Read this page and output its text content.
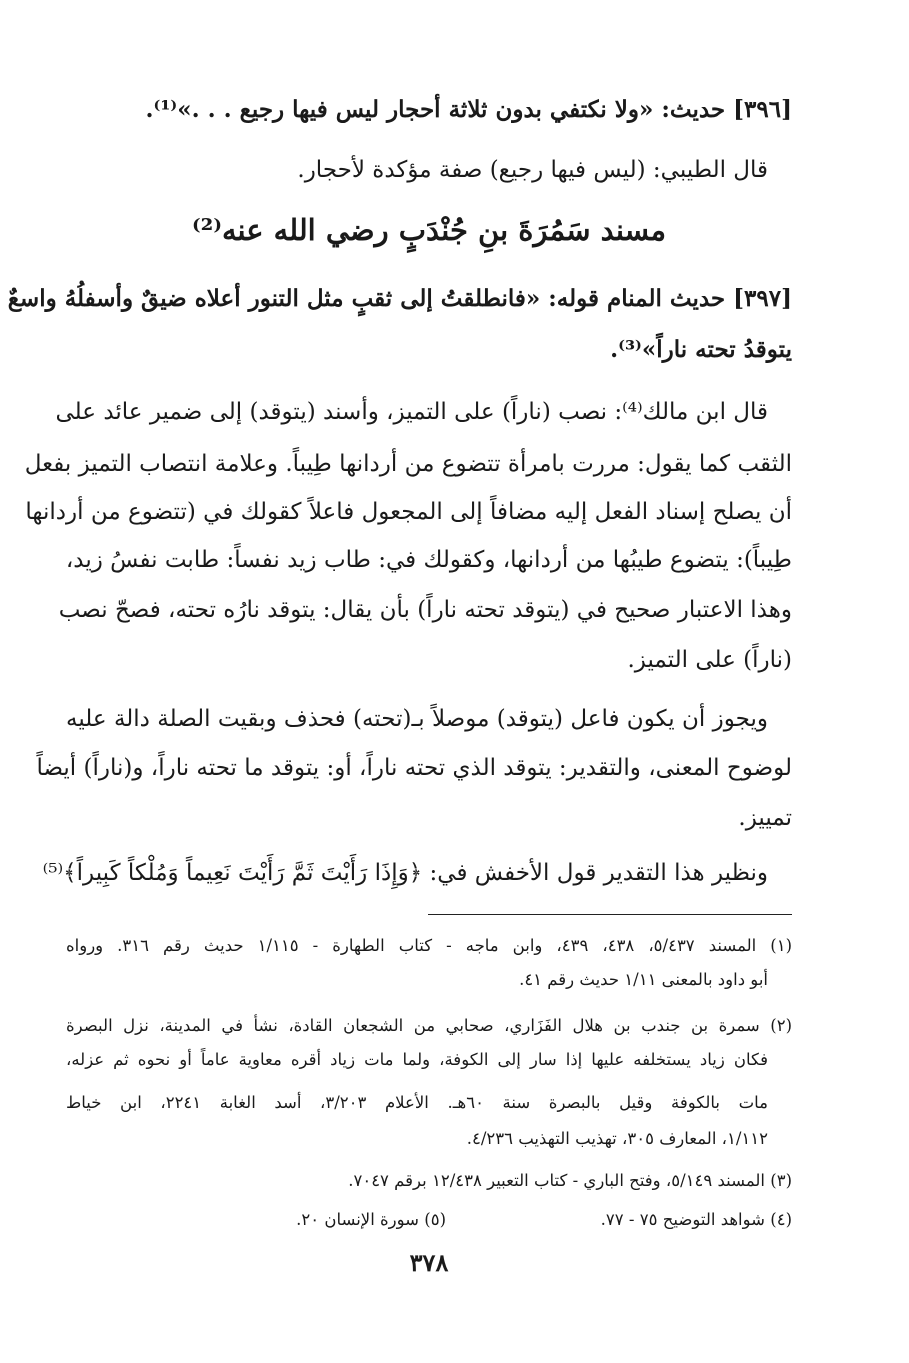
[٣٩٦] حديث: «ولا نكتفي بدون ثلاثة أحجار ليس فيها رجيع . . .»⁽¹⁾.
قال الطيبي: (ليس فيها رجيع) صفة مؤكدة لأحجار.
مسند سَمُرَةَ بنِ جُنْدَبٍ رضي الله عنه⁽²⁾
[٣٩٧] حديث المنام قوله: «فانطلقتُ إلى ثقبٍ مثل التنور أعلاه ضيقٌ وأسفلُهُ واسعٌ
يتوقدُ تحته ناراً»⁽³⁾.
قال ابن مالك⁽⁴⁾: نصب (ناراً) على التميز، وأسند (يتوقد) إلى ضمير عائد على
الثقب كما يقول: مررت بامرأة تتضوع من أردانها طِيباً. وعلامة انتصاب التميز بفعل
أن يصلح إسناد الفعل إليه مضافاً إلى المجعول فاعلاً كقولك في (تتضوع من أردانها
طِيباً): يتضوع طيبُها من أردانها، وكقولك في: طاب زيد نفساً: طابت نفسُ زيد،
وهذا الاعتبار صحيح في (يتوقد تحته ناراً) بأن يقال: يتوقد نارُه تحته، فصحّ نصب
(ناراً) على التميز.
ويجوز أن يكون فاعل (يتوقد) موصلاً بـ(تحته) فحذف وبقيت الصلة دالة عليه
لوضوح المعنى، والتقدير: يتوقد الذي تحته ناراً، أو: يتوقد ما تحته ناراً، و(ناراً) أيضاً
تمييز.
ونظير هذا التقدير قول الأخفش في: ﴿وَإِذَا رَأَيْتَ ثَمَّ رَأَيْتَ نَعِيماً وَمُلْكاً كَبِيراً﴾⁽⁵⁾
(١) المسند ٥/٤٣٧، ٤٣٨، ٤٣٩، وابن ماجه - كتاب الطهارة - ١/١١٥ حديث رقم ٣١٦. ورواه
أبو داود بالمعنى ١/١١ حديث رقم ٤١.
(٢) سمرة بن جندب بن هلال الفَزَاري، صحابي من الشجعان القادة، نشأ في المدينة، نزل البصرة
فكان زياد يستخلفه عليها إذا سار إلى الكوفة، ولما مات زياد أقره معاوية عاماً أو نحوه ثم عزله،
مات بالكوفة وقيل بالبصرة سنة ٦٠هـ. الأعلام ٣/٢٠٣، أسد الغابة ٢٢٤١، ابن خياط
١/١١٢، المعارف ٣٠٥، تهذيب التهذيب ٤/٢٣٦.
(٣) المسند ٥/١٤٩، وفتح الباري - كتاب التعبير ١٢/٤٣٨ برقم ٧٠٤٧.
(٤) شواهد التوضيح ٧٥ - ٧٧.
(٥) سورة الإنسان ٢٠.
٣٧٨
